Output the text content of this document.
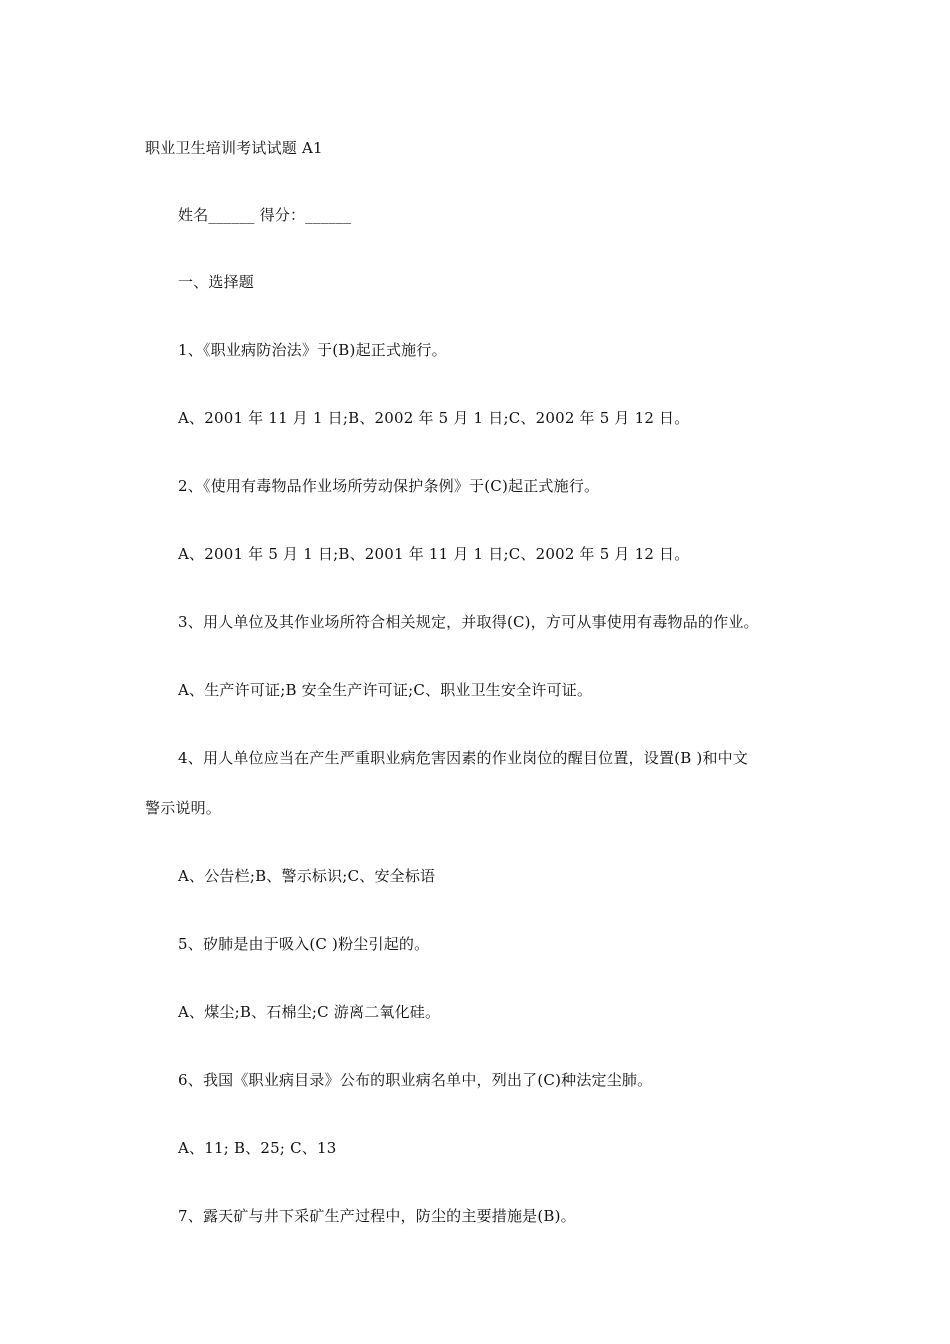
职业卫生培训考试试题 A1
姓名______ 得分：______
一、选择题
1、《职业病防治法》于(B)起正式施行。
A、2001 年 11 月 1 日;B、2002 年 5 月 1 日;C、2002 年 5 月 12 日。
2、《使用有毒物品作业场所劳动保护条例》于(C)起正式施行。
A、2001 年 5 月 1 日;B、2001 年 11 月 1 日;C、2002 年 5 月 12 日。
3、用人单位及其作业场所符合相关规定，并取得(C)，方可从事使用有毒物品的作业。
A、生产许可证;B 安全生产许可证;C、职业卫生安全许可证。
4、用人单位应当在产生严重职业病危害因素的作业岗位的醒目位置，设置(B )和中文
警示说明。
A、公告栏;B、警示标识;C、安全标语
5、矽肺是由于吸入(C )粉尘引起的。
A、煤尘;B、石棉尘;C 游离二氧化硅。
6、我国《职业病目录》公布的职业病名单中，列出了(C)种法定尘肺。
A、11; B、25; C、13
7、露天矿与井下采矿生产过程中，防尘的主要措施是(B)。
